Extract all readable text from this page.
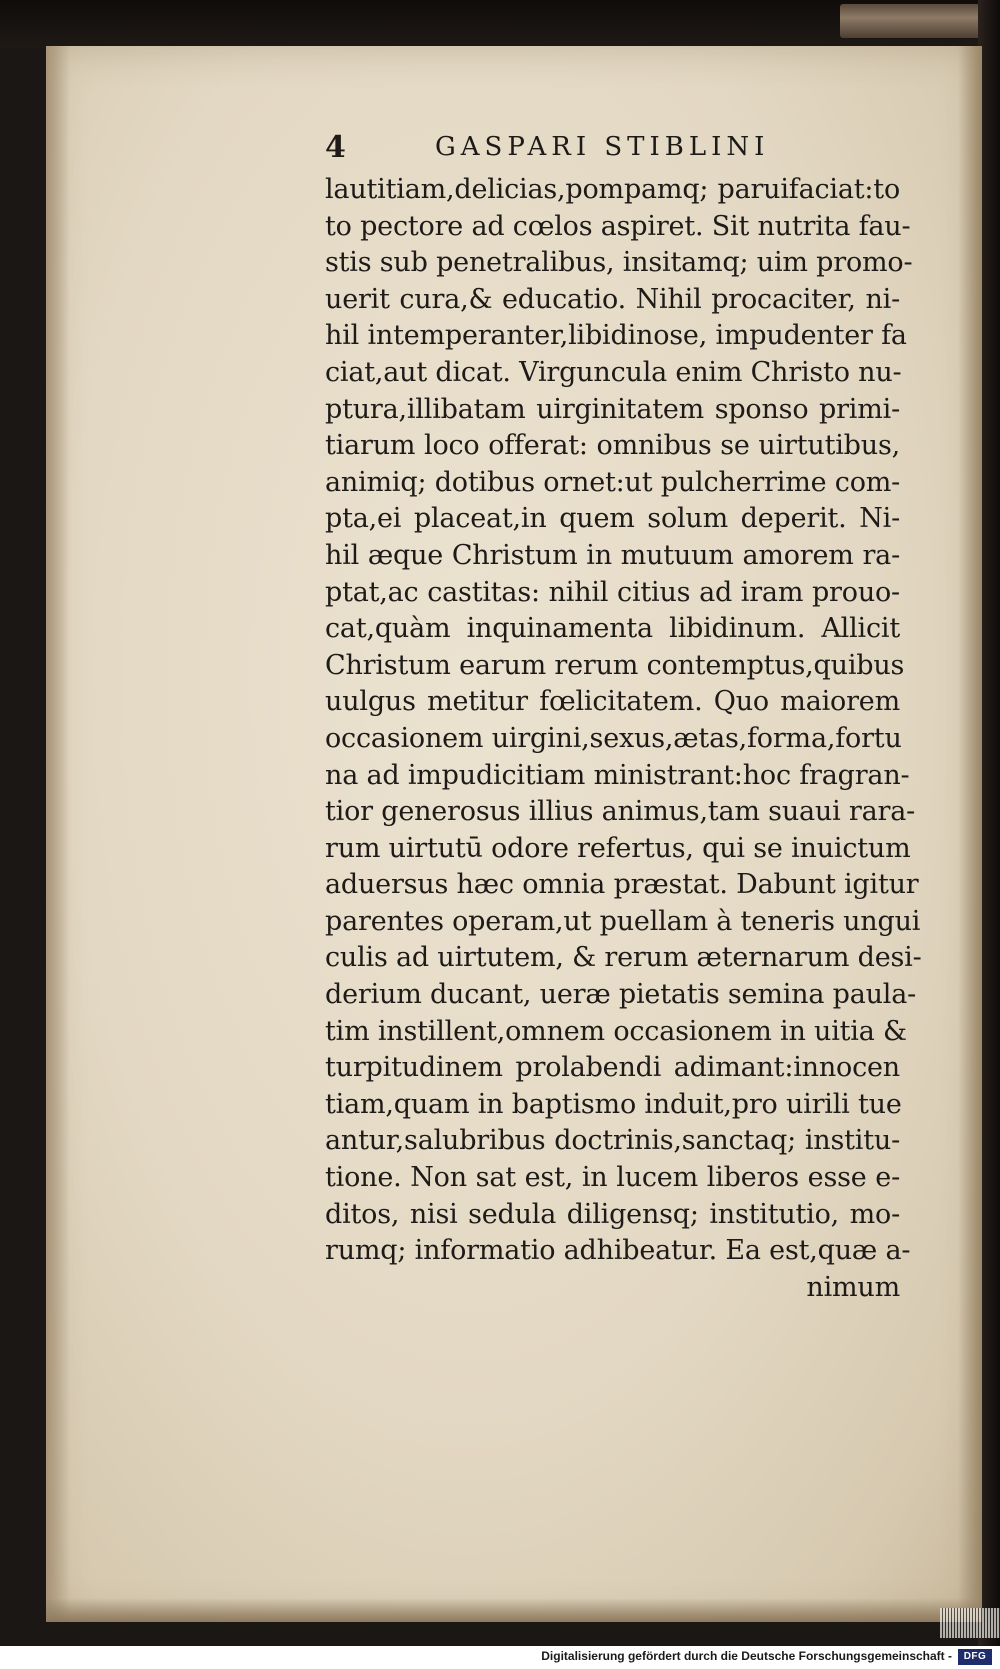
4	GASPARI STIBLINI
lautitiam,delicias,pompamq; paruifaciat:to
to pectore ad cœlos aspiret. Sit nutrita fau-
stis sub penetralibus, insitamq; uim promo-
uerit cura,& educatio. Nihil procaciter, ni-
hil intemperanter,libidinose, impudenter fa
ciat,aut dicat. Virguncula enim Christo nu-
ptura,illibatam uirginitatem sponso primi-
tiarum loco offerat: omnibus se uirtutibus,
animiq; dotibus ornet:ut pulcherrime com-
pta,ei placeat,in quem solum deperit. Ni-
hil æque Christum in mutuum amorem ra-
ptat,ac castitas: nihil citius ad iram prouo-
cat,quàm inquinamenta libidinum. Allicit
Christum earum rerum contemptus,quibus
uulgus metitur fœlicitatem. Quo maiorem
occasionem uirgini,sexus,ætas,forma,fortu
na ad impudicitiam ministrant:hoc fragran-
tior generosus illius animus,tam suaui rara-
rum uirtutū odore refertus, qui se inuictum
aduersus hæc omnia præstat. Dabunt igitur
parentes operam,ut puellam à teneris ungui
culis ad uirtutem, & rerum æternarum desi-
derium ducant, ueræ pietatis semina paula-
tim instillent,omnem occasionem in uitia &
turpitudinem prolabendi adimant:innocen
tiam,quam in baptismo induit,pro uirili tue
antur,salubribus doctrinis,sanctaq; institu-
tione. Non sat est, in lucem liberos esse e-
ditos, nisi sedula diligensq; institutio, mo-
rumq; informatio adhibeatur. Ea est,quæ a-
nimum
Digitalisierung gefördert durch die Deutsche Forschungsgemeinschaft -	DFG
